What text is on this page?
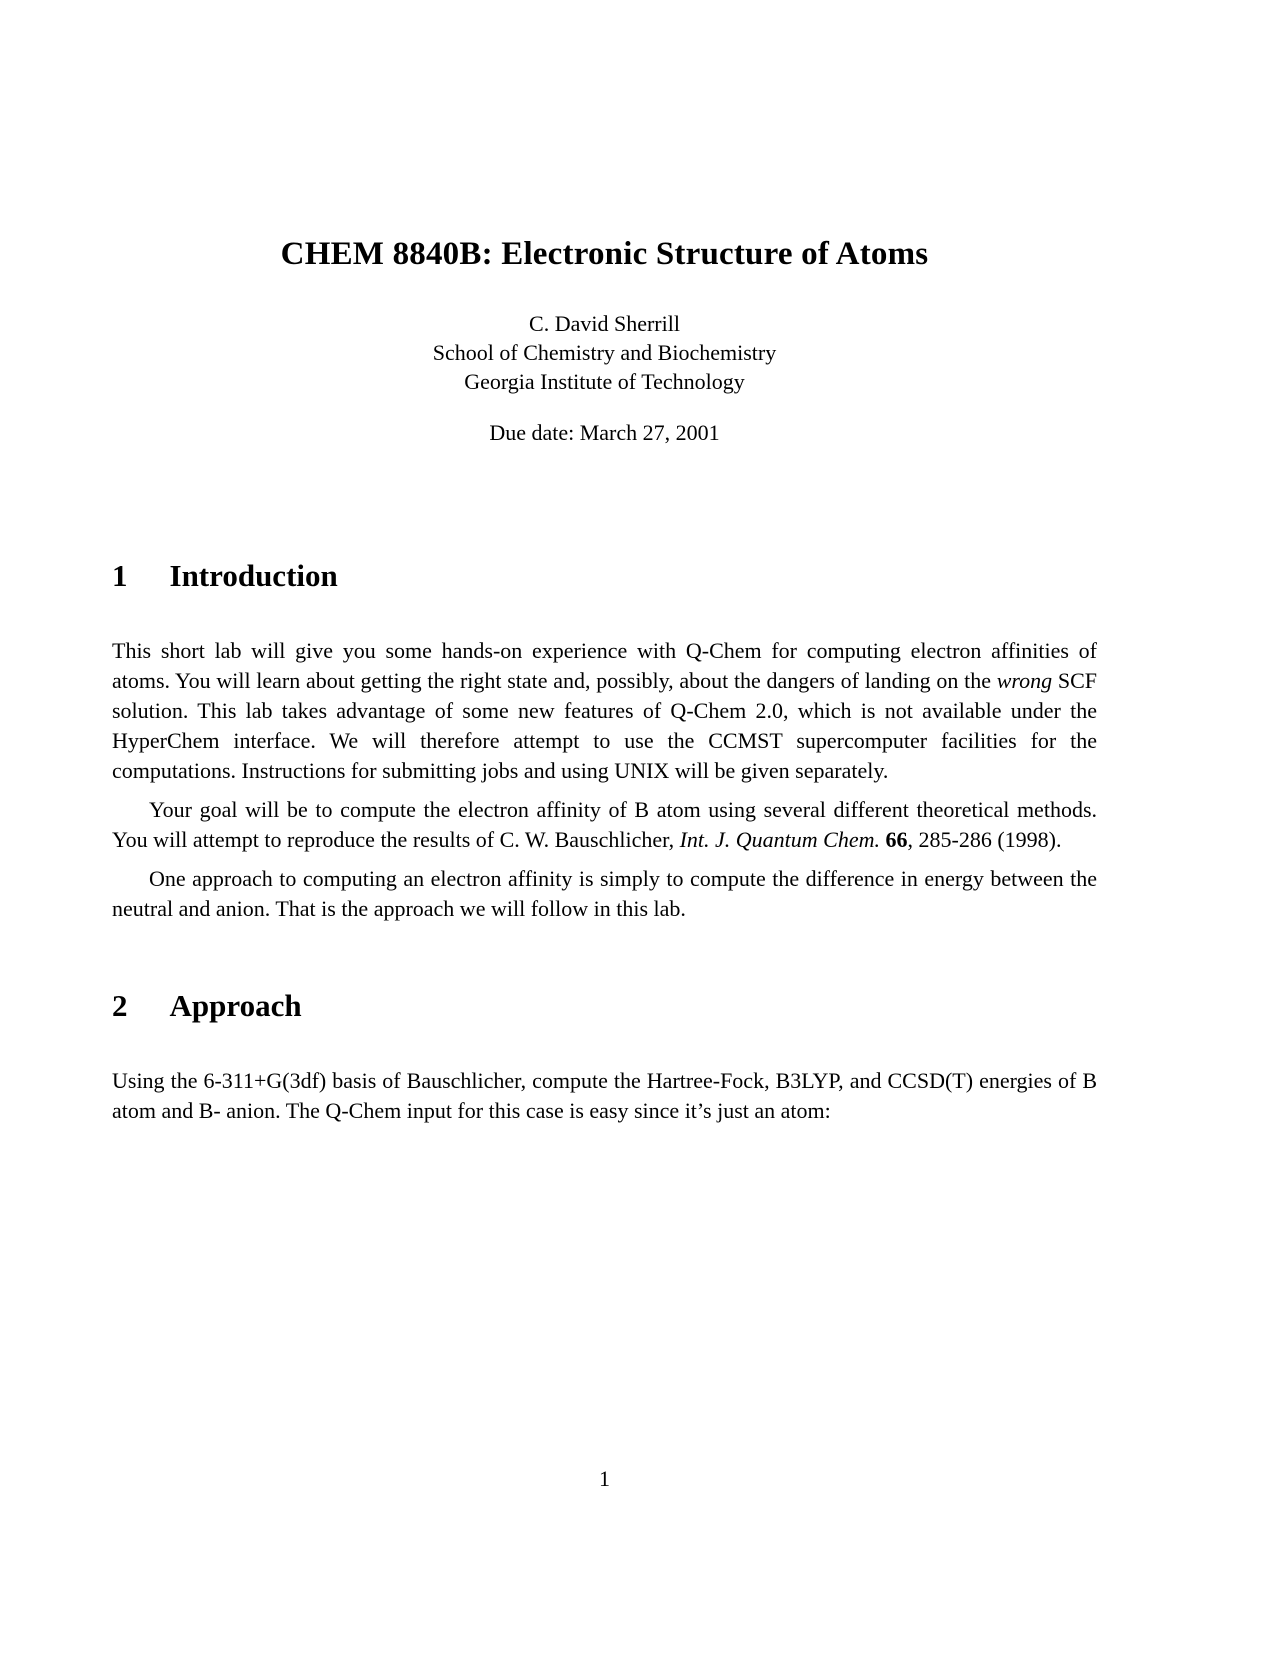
CHEM 8840B: Electronic Structure of Atoms
C. David Sherrill
School of Chemistry and Biochemistry
Georgia Institute of Technology
Due date: March 27, 2001
1 Introduction

This short lab will give you some hands-on experience with Q-Chem for computing electron affinities of atoms. You will learn about getting the right state and, possibly, about the dangers of landing on the wrong SCF solution. This lab takes advantage of some new features of Q-Chem 2.0, which is not available under the HyperChem interface. We will therefore attempt to use the CCMST supercomputer facilities for the computations. Instructions for submitting jobs and using UNIX will be given separately.

Your goal will be to compute the electron affinity of B atom using several different theoretical methods. You will attempt to reproduce the results of C. W. Bauschlicher, Int. J. Quantum Chem. 66, 285-286 (1998).

One approach to computing an electron affinity is simply to compute the difference in energy between the neutral and anion. That is the approach we will follow in this lab.

2 Approach

Using the 6-311+G(3df) basis of Bauschlicher, compute the Hartree-Fock, B3LYP, and CCSD(T) energies of B atom and B- anion. The Q-Chem input for this case is easy since it’s just an atom:

1
